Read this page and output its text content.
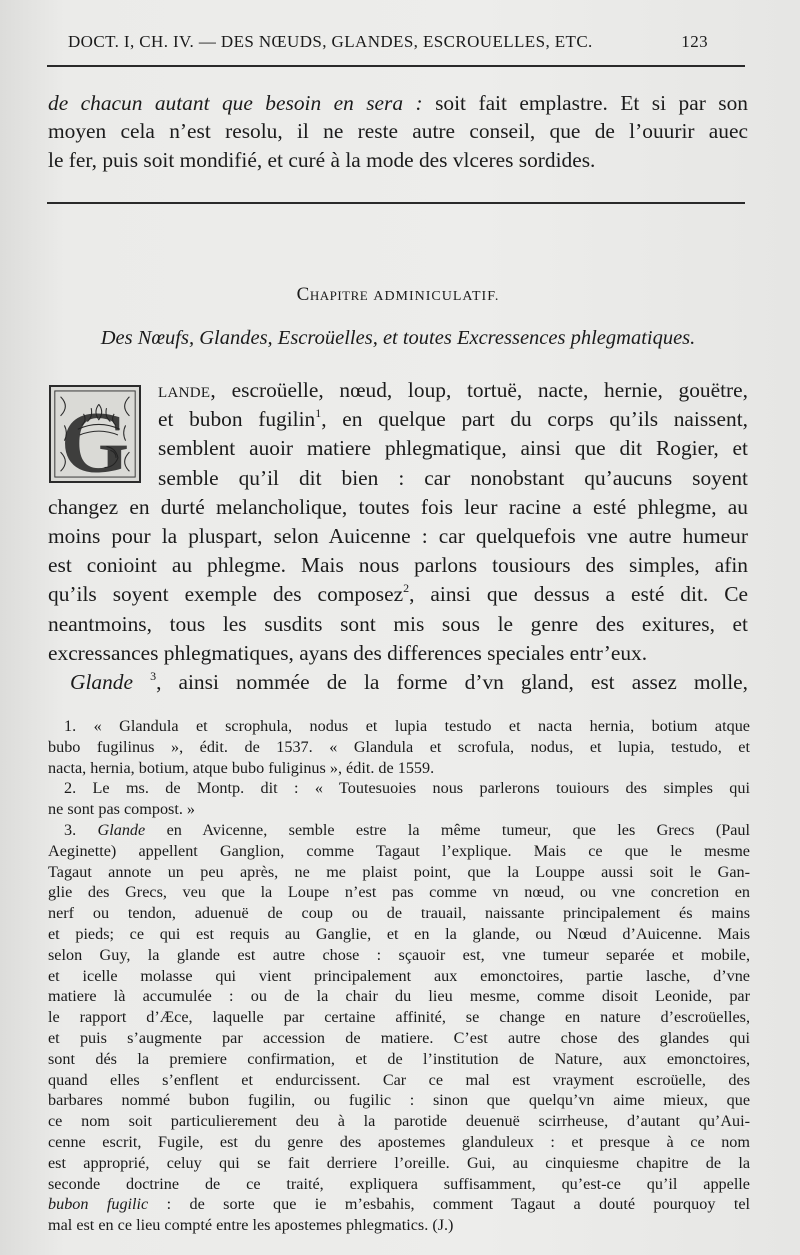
DOCT. I, CH. IV. — DES NŒUDS, GLANDES, ESCROUELLES, ETC.	123
de chacun autant que besoin en sera : soit fait emplastre. Et si par son
moyen cela n’est resolu, il ne reste autre conseil, que de l’ouurir auec
le fer, puis soit mondifié, et curé à la mode des vlceres sordides.
Chapitre ADMINICULATIF.
Des Nœufs, Glandes, Escroüelles, et toutes Excressences phlegmatiques.
G
lande, escroüelle, nœud, loup, tortuë, nacte, hernie, gouëtre,
et bubon fugilin$^1$, en quelque part du corps qu’ils naissent,
semblent auoir matiere phlegmatique, ainsi que dit Rogier, et
semble qu’il dit bien : car nonobstant qu’aucuns soyent
changez en durté melancholique, toutes fois leur racine a esté phlegme, au
moins pour la pluspart, selon Auicenne : car quelquefois vne autre humeur
est conioint au phlegme. Mais nous parlons tousiours des simples, afin
qu’ils soyent exemple des composez$^2$, ainsi que dessus a esté dit. Ce
neantmoins, tous les susdits sont mis sous le genre des exitures, et
excressances phlegmatiques, ayans des differences speciales entr’eux.
Glande $^3$, ainsi nommée de la forme d’vn gland, est assez molle,
1. « Glandula et scrophula, nodus et lupia testudo et nacta hernia, botium atque
bubo fugilinus », édit. de 1537. « Glandula et scrofula, nodus, et lupia, testudo, et
nacta, hernia, botium, atque bubo fuliginus », édit. de 1559.
2. Le ms. de Montp. dit : « Toutesuoies nous parlerons touiours des simples qui
ne sont pas compost. »
3. Glande en Avicenne, semble estre la même tumeur, que les Grecs (Paul
Aeginette) appellent Ganglion, comme Tagaut l’explique. Mais ce que le mesme
Tagaut annote un peu après, ne me plaist point, que la Louppe aussi soit le Gan-
glie des Grecs, veu que la Loupe n’est pas comme vn nœud, ou vne concretion en
nerf ou tendon, aduenuë de coup ou de trauail, naissante principalement és mains
et pieds; ce qui est requis au Ganglie, et en la glande, ou Nœud d’Auicenne. Mais
selon Guy, la glande est autre chose : sçauoir est, vne tumeur separée et mobile,
et icelle molasse qui vient principalement aux emonctoires, partie lasche, d’vne
matiere là accumulée : ou de la chair du lieu mesme, comme disoit Leonide, par
le rapport d’Æce, laquelle par certaine affinité, se change en nature d’escroüelles,
et puis s’augmente par accession de matiere. C’est autre chose des glandes qui
sont dés la premiere confirmation, et de l’institution de Nature, aux emonctoires,
quand elles s’enflent et endurcissent. Car ce mal est vrayment escroüelle, des
barbares nommé bubon fugilin, ou fugilic : sinon que quelqu’vn aime mieux, que
ce nom soit particulierement deu à la parotide deuenuë scirrheuse, d’autant qu’Aui-
cenne escrit, Fugile, est du genre des apostemes glanduleux : et presque à ce nom
est approprié, celuy qui se fait derriere l’oreille. Gui, au cinquiesme chapitre de la
seconde doctrine de ce traité, expliquera suffisamment, qu’est-ce qu’il appelle
bubon fugilic : de sorte que ie m’esbahis, comment Tagaut a douté pourquoy tel
mal est en ce lieu compté entre les apostemes phlegmatics. (J.)
